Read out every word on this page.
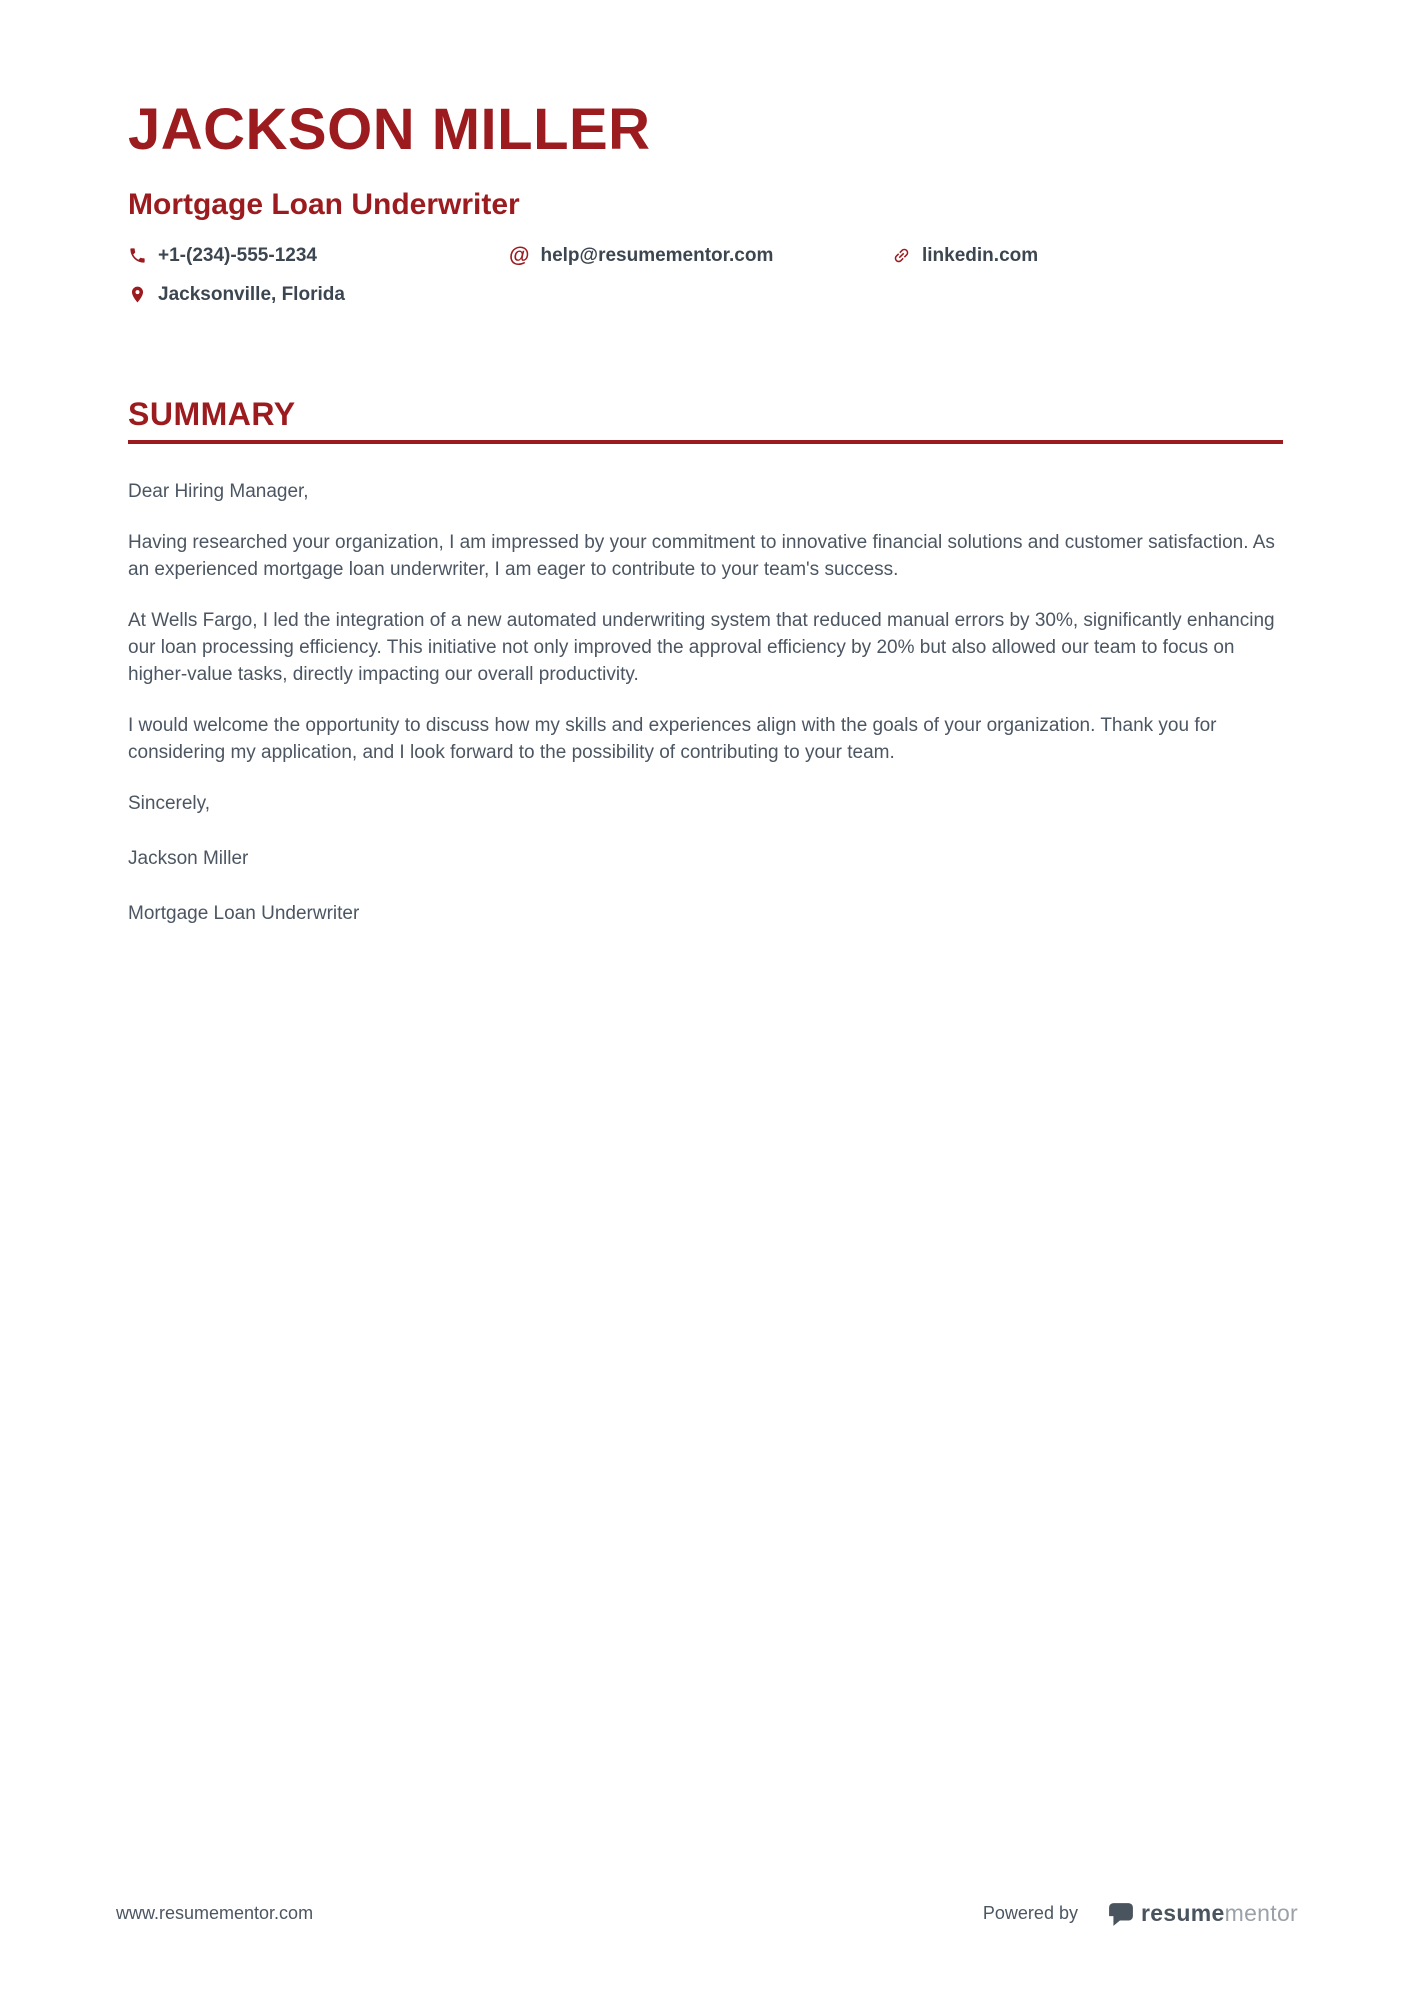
JACKSON MILLER
Mortgage Loan Underwriter
+1-(234)-555-1234	@ help@resumementor.com	linkedin.com
Jacksonville, Florida
SUMMARY

Dear Hiring Manager,

Having researched your organization, I am impressed by your commitment to innovative financial solutions and customer satisfaction. As an experienced mortgage loan underwriter, I am eager to contribute to your team's success.

At Wells Fargo, I led the integration of a new automated underwriting system that reduced manual errors by 30%, significantly enhancing our loan processing efficiency. This initiative not only improved the approval efficiency by 20% but also allowed our team to focus on higher-value tasks, directly impacting our overall productivity.

I would welcome the opportunity to discuss how my skills and experiences align with the goals of your organization. Thank you for considering my application, and I look forward to the possibility of contributing to your team.

Sincerely,

Jackson Miller

Mortgage Loan Underwriter

www.resumementor.com	Powered by	resumementor
